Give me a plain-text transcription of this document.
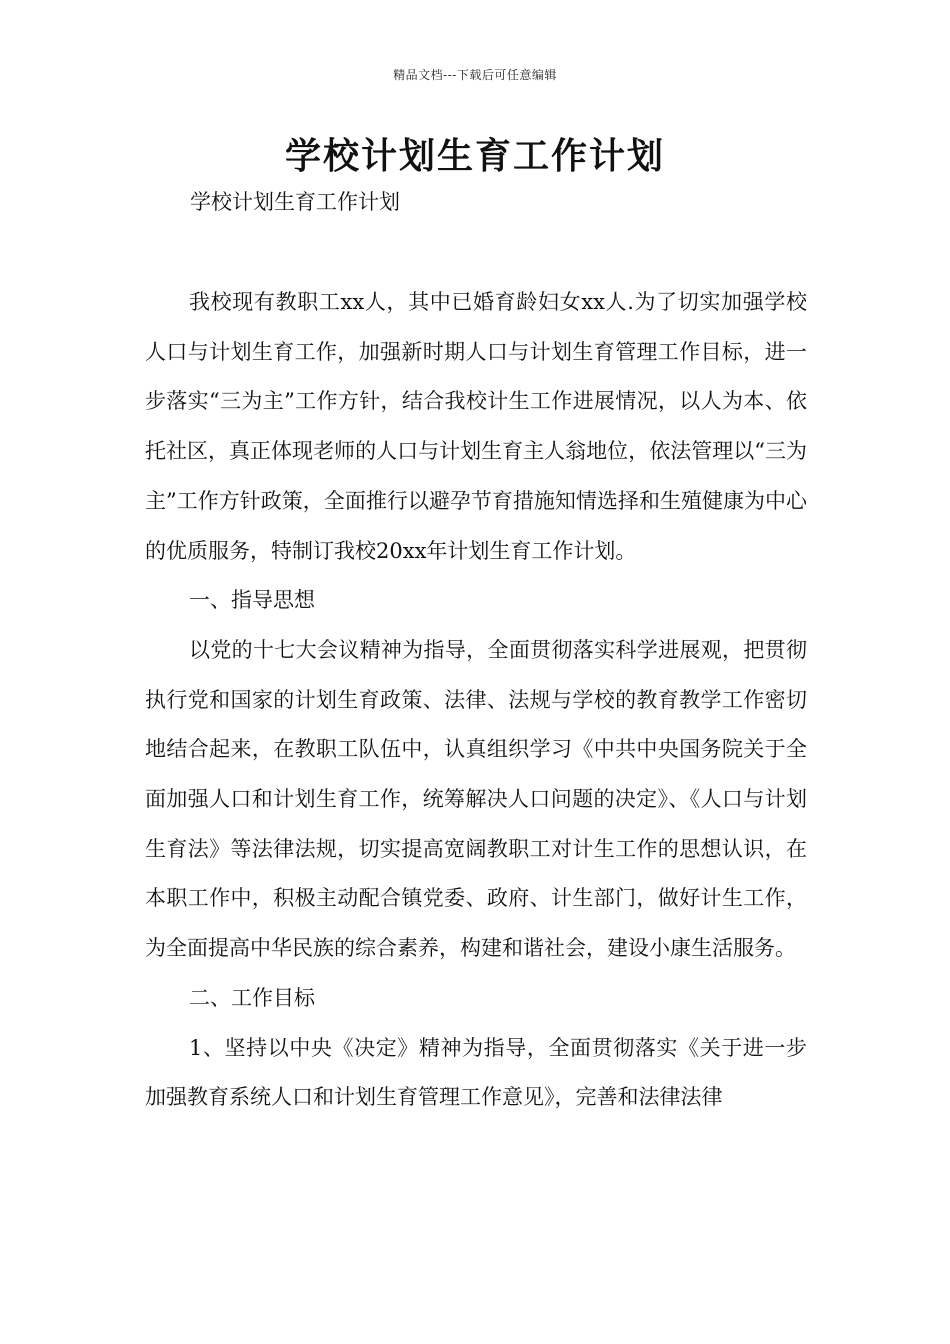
精品文档---下载后可任意编辑
学校计划生育工作计划
学校计划生育工作计划

我校现有教职工xx人，其中已婚育龄妇女xx人.为了切实加强学校人口与计划生育工作，加强新时期人口与计划生育管理工作目标，进一步落实“三为主”工作方针，结合我校计生工作进展情况，以人为本、依托社区，真正体现老师的人口与计划生育主人翁地位，依法管理以“三为主”工作方针政策，全面推行以避孕节育措施知情选择和生殖健康为中心的优质服务，特制订我校20xx年计划生育工作计划。

一、指导思想

以党的十七大会议精神为指导，全面贯彻落实科学进展观，把贯彻执行党和国家的计划生育政策、法律、法规与学校的教育教学工作密切地结合起来，在教职工队伍中，认真组织学习《中共中央国务院关于全面加强人口和计划生育工作，统筹解决人口问题的决定》、《人口与计划生育法》等法律法规，切实提高宽阔教职工对计生工作的思想认识，在本职工作中，积极主动配合镇党委、政府、计生部门，做好计生工作，为全面提高中华民族的综合素养，构建和谐社会，建设小康生活服务。

二、工作目标

1、坚持以中央《决定》精神为指导，全面贯彻落实《关于进一步加强教育系统人口和计划生育管理工作意见》，完善和法律法律
